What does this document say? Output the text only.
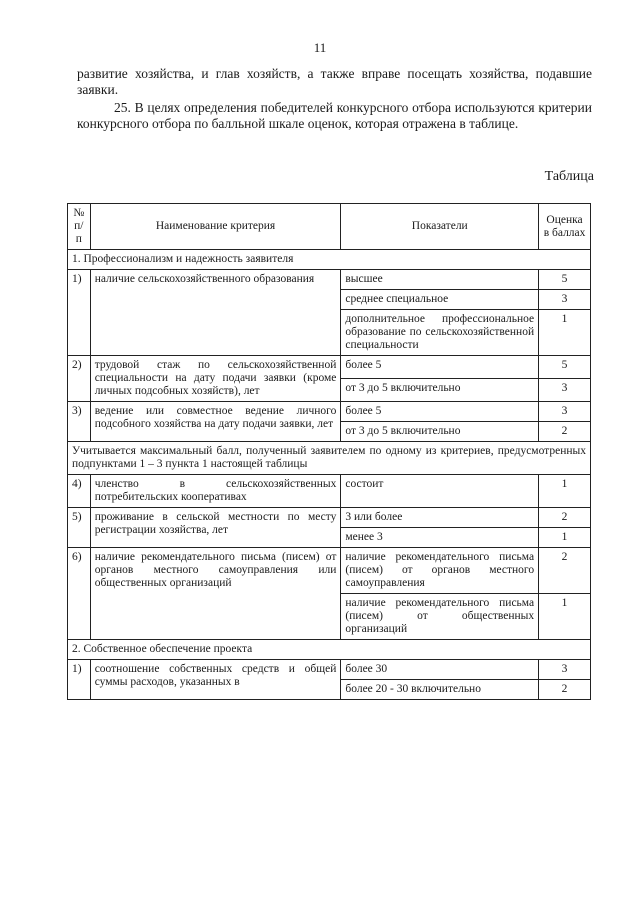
11
развитие хозяйства, и глав хозяйств, а также вправе посещать хозяйства, подавшие заявки.
25. В целях определения победителей конкурсного отбора используются критерии конкурсного отбора по балльной шкале оценок, которая отражена в таблице.
Таблица
№ п/п	Наименование критерия	Показатели	Оценка в баллах
1. Профессионализм и надежность заявителя			
1)	наличие сельскохозяйственного образования	высшее	5
		среднее специальное	3
		дополнительное профессиональное образование по сельскохозяйственной специальности	1
2)	трудовой стаж по сельскохозяйственной специальности на дату подачи заявки (кроме личных подсобных хозяйств), лет	более 5	5
		от 3 до 5 включительно	3
3)	ведение или совместное ведение личного подсобного хозяйства на дату подачи заявки, лет	более 5	3
		от 3 до 5 включительно	2
Учитывается максимальный балл, полученный заявителем по одному из критериев, предусмотренных подпунктами 1 – 3 пункта 1 настоящей таблицы			
4)	членство в сельскохозяйственных потребительских кооперативах	состоит	1
5)	проживание в сельской местности по месту регистрации хозяйства, лет	3 или более	2
		менее 3	1
6)	наличие рекомендательного письма (писем) от органов местного самоуправления или общественных организаций	наличие рекомендательного письма (писем) от органов местного самоуправления	2
		наличие рекомендательного письма (писем) от общественных организаций	1
2. Собственное обеспечение проекта			
1)	соотношение собственных средств и общей суммы расходов, указанных в	более 30	3
		более 20 - 30 включительно	2
